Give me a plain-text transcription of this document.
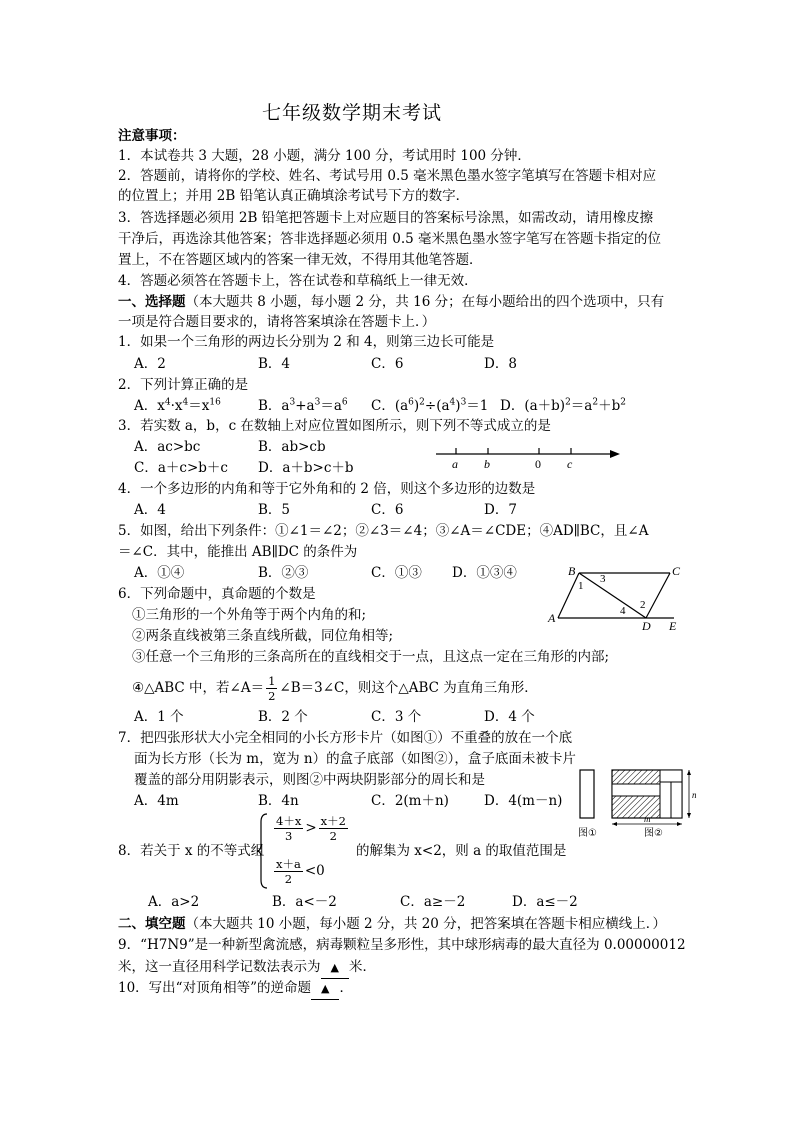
七年级数学期末考试
注意事项：
1．本试卷共 3 大题，28 小题，满分 100 分，考试用时 100 分钟．
2．答题前，请将你的学校、姓名、考试号用 0.5 毫米黑色墨水签字笔填写在答题卡相对应
的位置上；并用 2B 铅笔认真正确填涂考试号下方的数字．
3．答选择题必须用 2B 铅笔把答题卡上对应题目的答案标号涂黑，如需改动，请用橡皮擦
干净后，再选涂其他答案；答非选择题必须用 0.5 毫米黑色墨水签字笔写在答题卡指定的位
置上，不在答题区域内的答案一律无效，不得用其他笔答题．
4．答题必须答在答题卡上，答在试卷和草稿纸上一律无效．
一、选择题（本大题共 8 小题，每小题 2 分，共 16 分；在每小题给出的四个选项中，只有
一项是符合题目要求的，请将答案填涂在答题卡上．）
1．如果一个三角形的两边长分别为 2 和 4，则第三边长可能是
A．2	B．4	C．6	D．8
2．下列计算正确的是
A．$x^4\cdot x^4=x^{16}$	B．$a^3+a^3=a^6$ C．$(a^6)^2\div(a^4)^3=1$ D．$(a+b)^2=a^2+b^2$
3．若实数 a，b，c 在数轴上对应位置如图所示，则下列不等式成立的是
A．ac>bc	B．ab>cb
C．a＋c>b＋c D．a＋b>c＋b	a b	0 c
4．一个多边形的内角和等于它外角和的 2 倍，则这个多边形的边数是
A．4	B．5	C．6	D．7
5．如图，给出下列条件：①∠1＝∠2；②∠3＝∠4；③∠A＝∠CDE；④AD∥BC，且∠A
＝∠C．其中，能推出 AB∥DC 的条件为
A．①④	B．②③	C．①③ D．①③④	B	C
A
D E
1
3
4 2
6．下列命题中，真命题的个数是
①三角形的一个外角等于两个内角的和;
②两条直线被第三条直线所截，同位角相等;
③任意一个三角形的三条高所在的直线相交于一点，且这点一定在三角形的内部;
④△ABC 中，若∠A＝ $\frac{1}{2}$ ∠B＝3∠C，则这个△ABC 为直角三角形．
A．1 个	B．2 个	C．3 个	D．4 个
7．把四张形状大小完全相同的小长方形卡片（如图①）不重叠的放在一个底
面为长方形（长为 m，宽为 n）的盒子底部（如图②），盒子底面未被卡片
覆盖的部分用阴影表示，则图②中两块阴影部分的周长和是
A．4m	B．4n	C．2(m＋n)	D．4(m－n)
图①
m
n
图②
8．若关于 x 的不等式组
$\frac{4+x}{3} > \frac{x+2}{2}$
$\frac{x+a}{2} <0$
的解集为 x<2，则 a 的取值范围是
A．a>2	B．a<－2	C．a≥－2	D．a≤－2
二、填空题（本大题共 10 小题，每小题 2 分，共 20 分，把答案填在答题卡相应横线上．）
9．“H7N9”是一种新型禽流感，病毒颗粒呈多形性，其中球形病毒的最大直径为 0.00000012
米，这一直径用科学记数法表示为 ▲ 米．
10．写出“对顶角相等”的逆命题 ▲ ．
